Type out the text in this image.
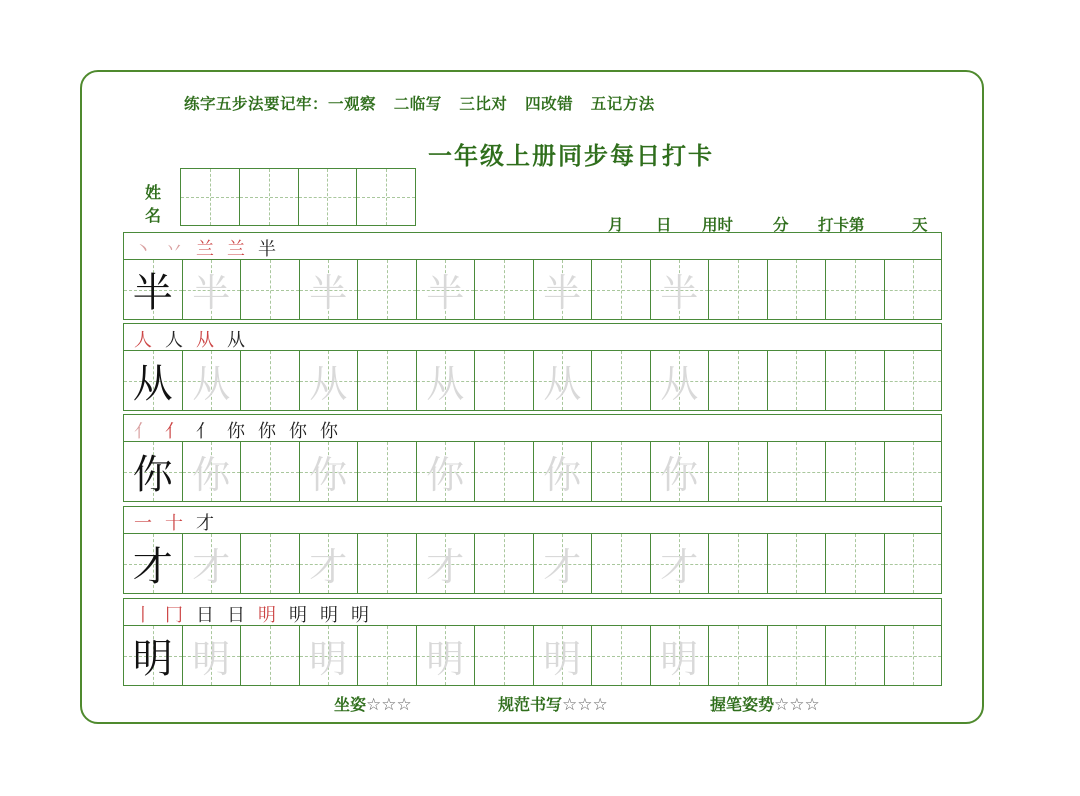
练字五步法要记牢：一观察   二临写   三比对   四改错   五记方法
一年级上册同步每日打卡
姓
名	月 日 用时	分 打卡第	天
丶 丷 兰 兰 半
半 半 半 半 半 半
人 人 从 从
从 从 从 从 从 从
亻 亻 亻 你 你 你 你
你 你 你 你 你 你
一 十 才
才 才 才 才 才 才
丨 冂 日 日 明 明 明 明
明 明 明 明 明 明
坐姿☆☆☆	规范书写☆☆☆	握笔姿势☆☆☆
